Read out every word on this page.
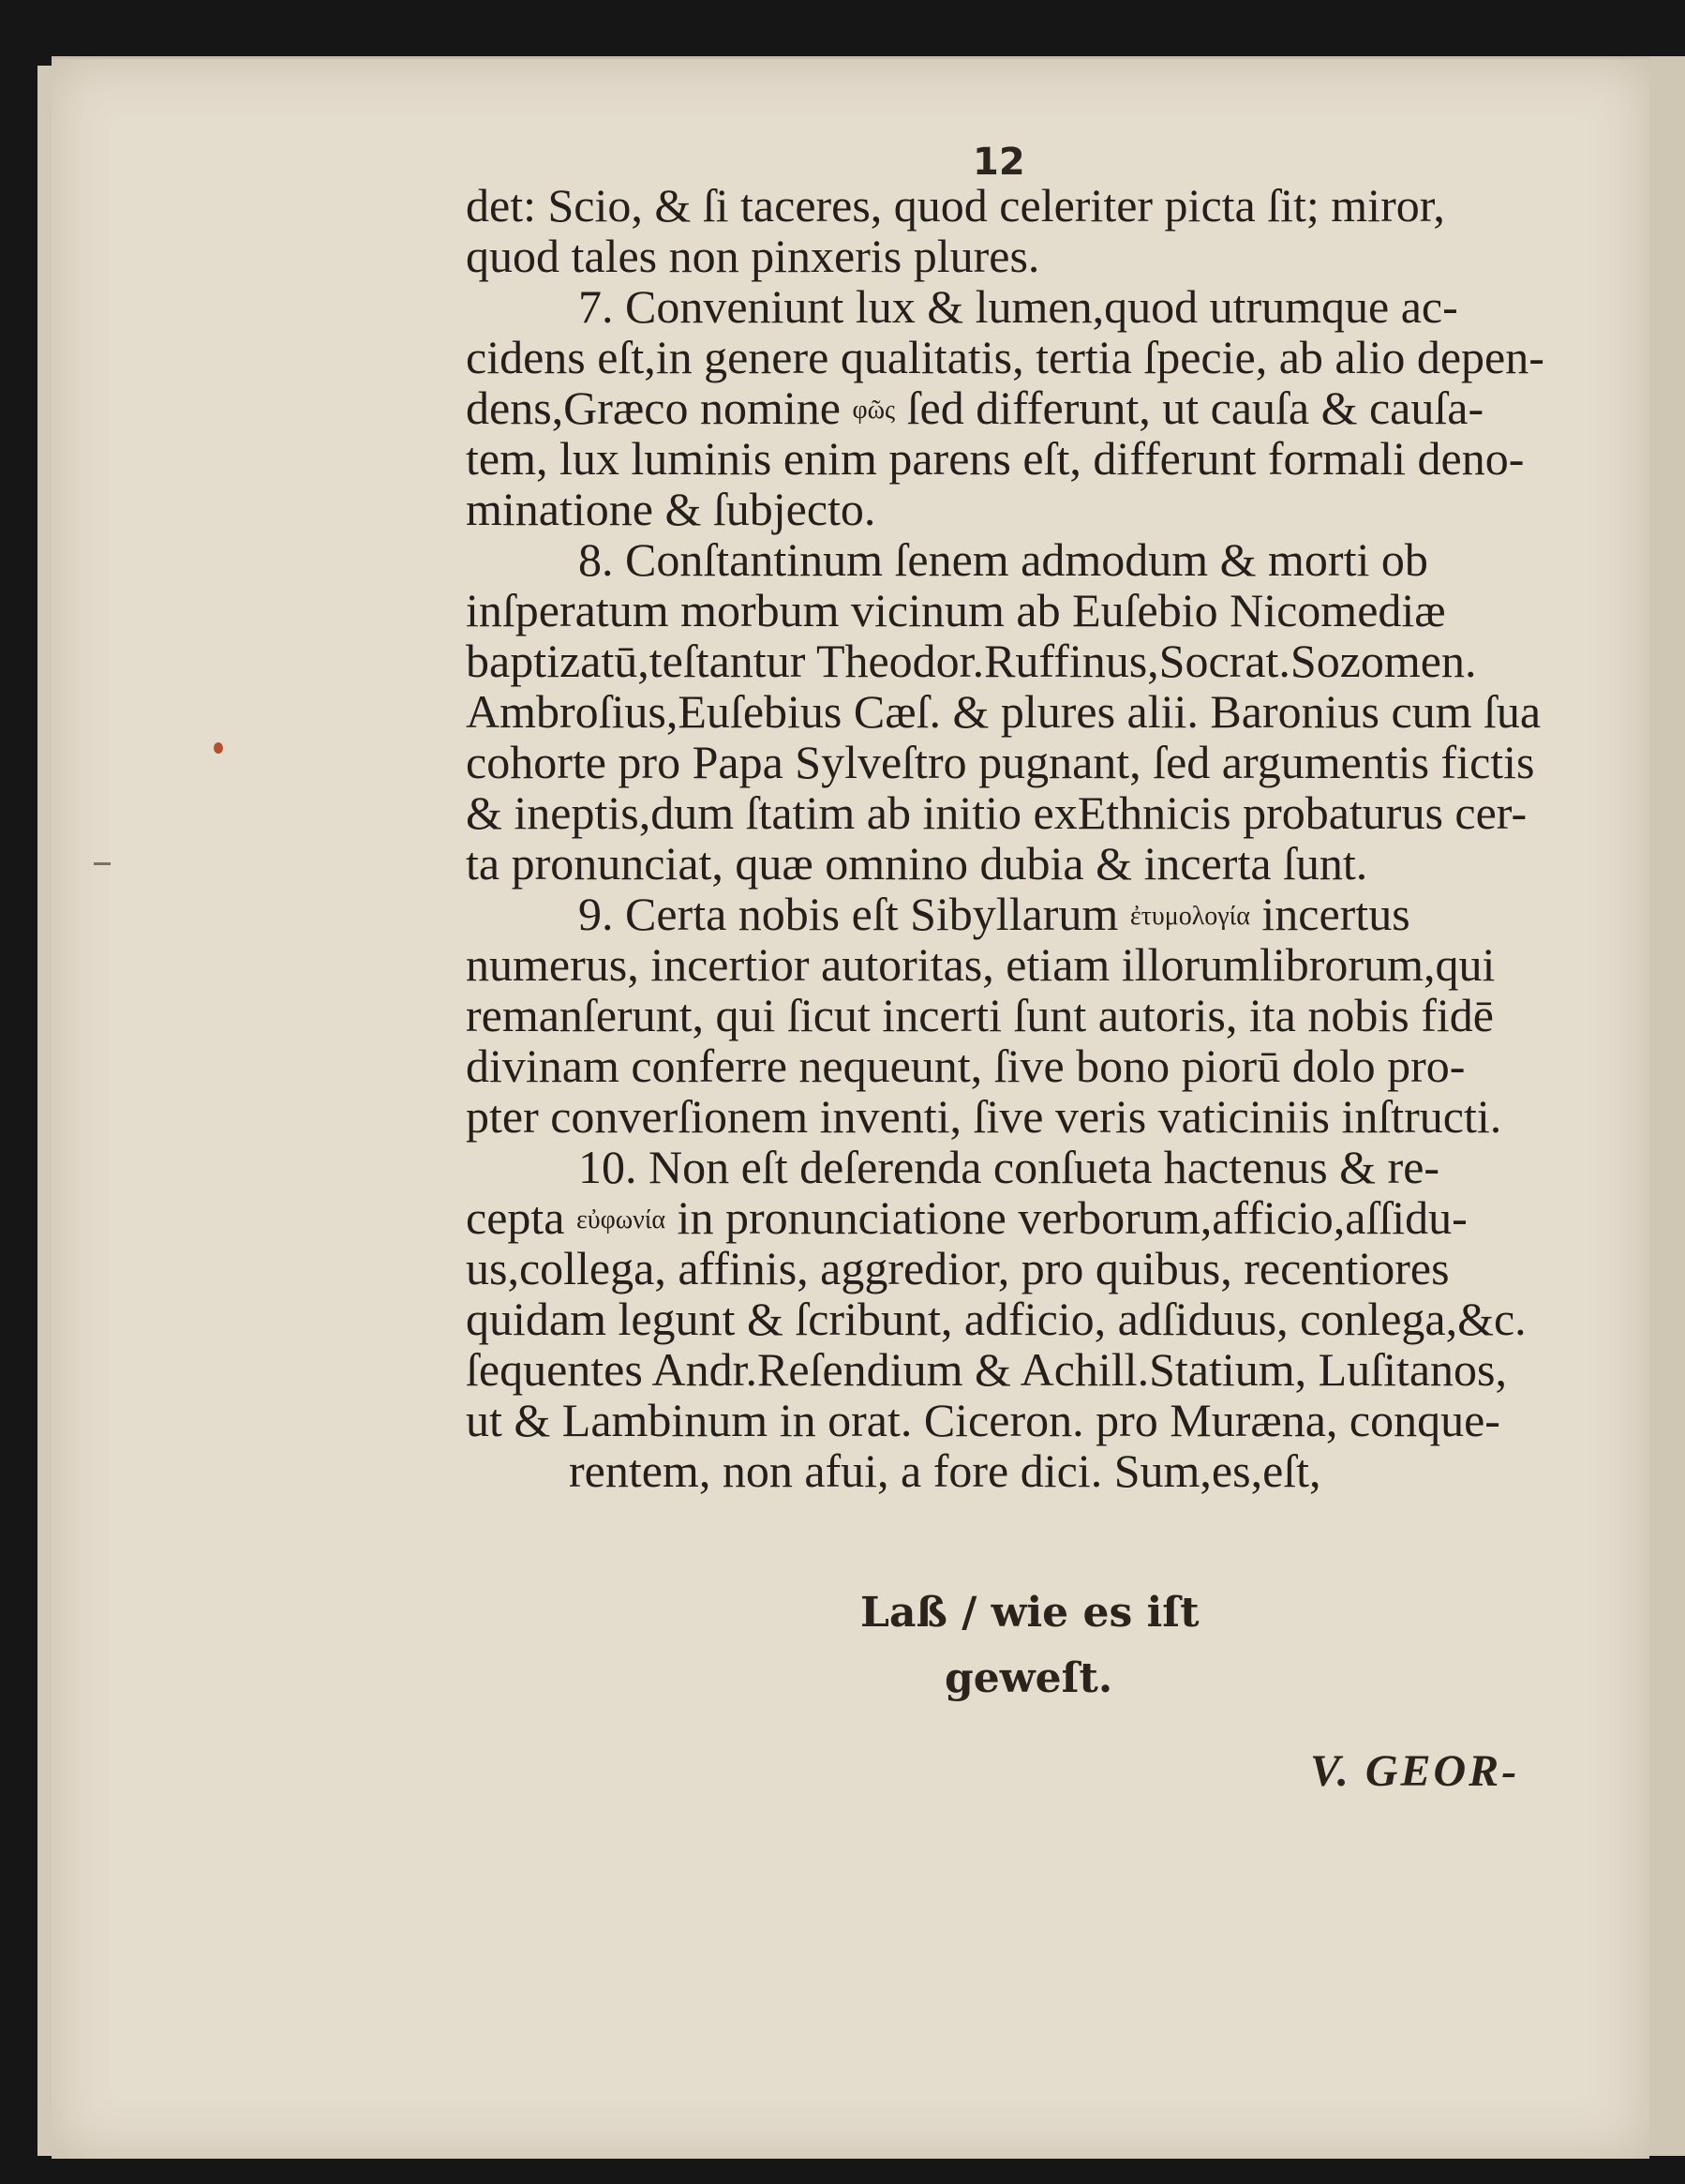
12
det: Scio, & ſi taceres, quod celeriter picta ſit; miror,
quod tales non pinxeris plures.
7. Conveniunt lux & lumen,quod utrumque ac-
cidens eſt,in genere qualitatis, tertia ſpecie, ab alio depen-
dens,Græco nomine φῶς ſed differunt, ut cauſa & cauſa-
tem, lux luminis enim parens eſt, differunt formali deno-
minatione & ſubjecto.
8. Conſtantinum ſenem admodum & morti ob
inſperatum morbum vicinum ab Euſebio Nicomediæ
baptizatū,teſtantur Theodor.Ruffinus,Socrat.Sozomen.
Ambroſius,Euſebius Cæſ. & plures alii. Baronius cum ſua
cohorte pro Papa Sylveſtro pugnant, ſed argumentis fictis
& ineptis,dum ſtatim ab initio exEthnicis probaturus cer-
ta pronunciat, quæ omnino dubia & incerta ſunt.
9. Certa nobis eſt Sibyllarum ἐτυμολογία incertus
numerus, incertior autoritas, etiam illorumlibrorum,qui
remanſerunt, qui ſicut incerti ſunt autoris, ita nobis fidē
divinam conferre nequeunt, ſive bono piorū dolo pro-
pter converſionem inventi, ſive veris vaticiniis inſtructi.
10. Non eſt deſerenda conſueta hactenus & re-
cepta εὐφωνία in pronunciatione verborum,afficio,aſſidu-
us,collega, affinis, aggredior, pro quibus, recentiores
quidam legunt & ſcribunt, adficio, adſiduus, conlega,&c.
ſequentes Andr.Reſendium & Achill.Statium, Luſitanos,
ut & Lambinum in orat. Ciceron. pro Muræna, conque-
rentem, non afui, a fore dici. Sum,es,eſt,
Laß / wie es iſt
geweſt.
V. GEOR-
